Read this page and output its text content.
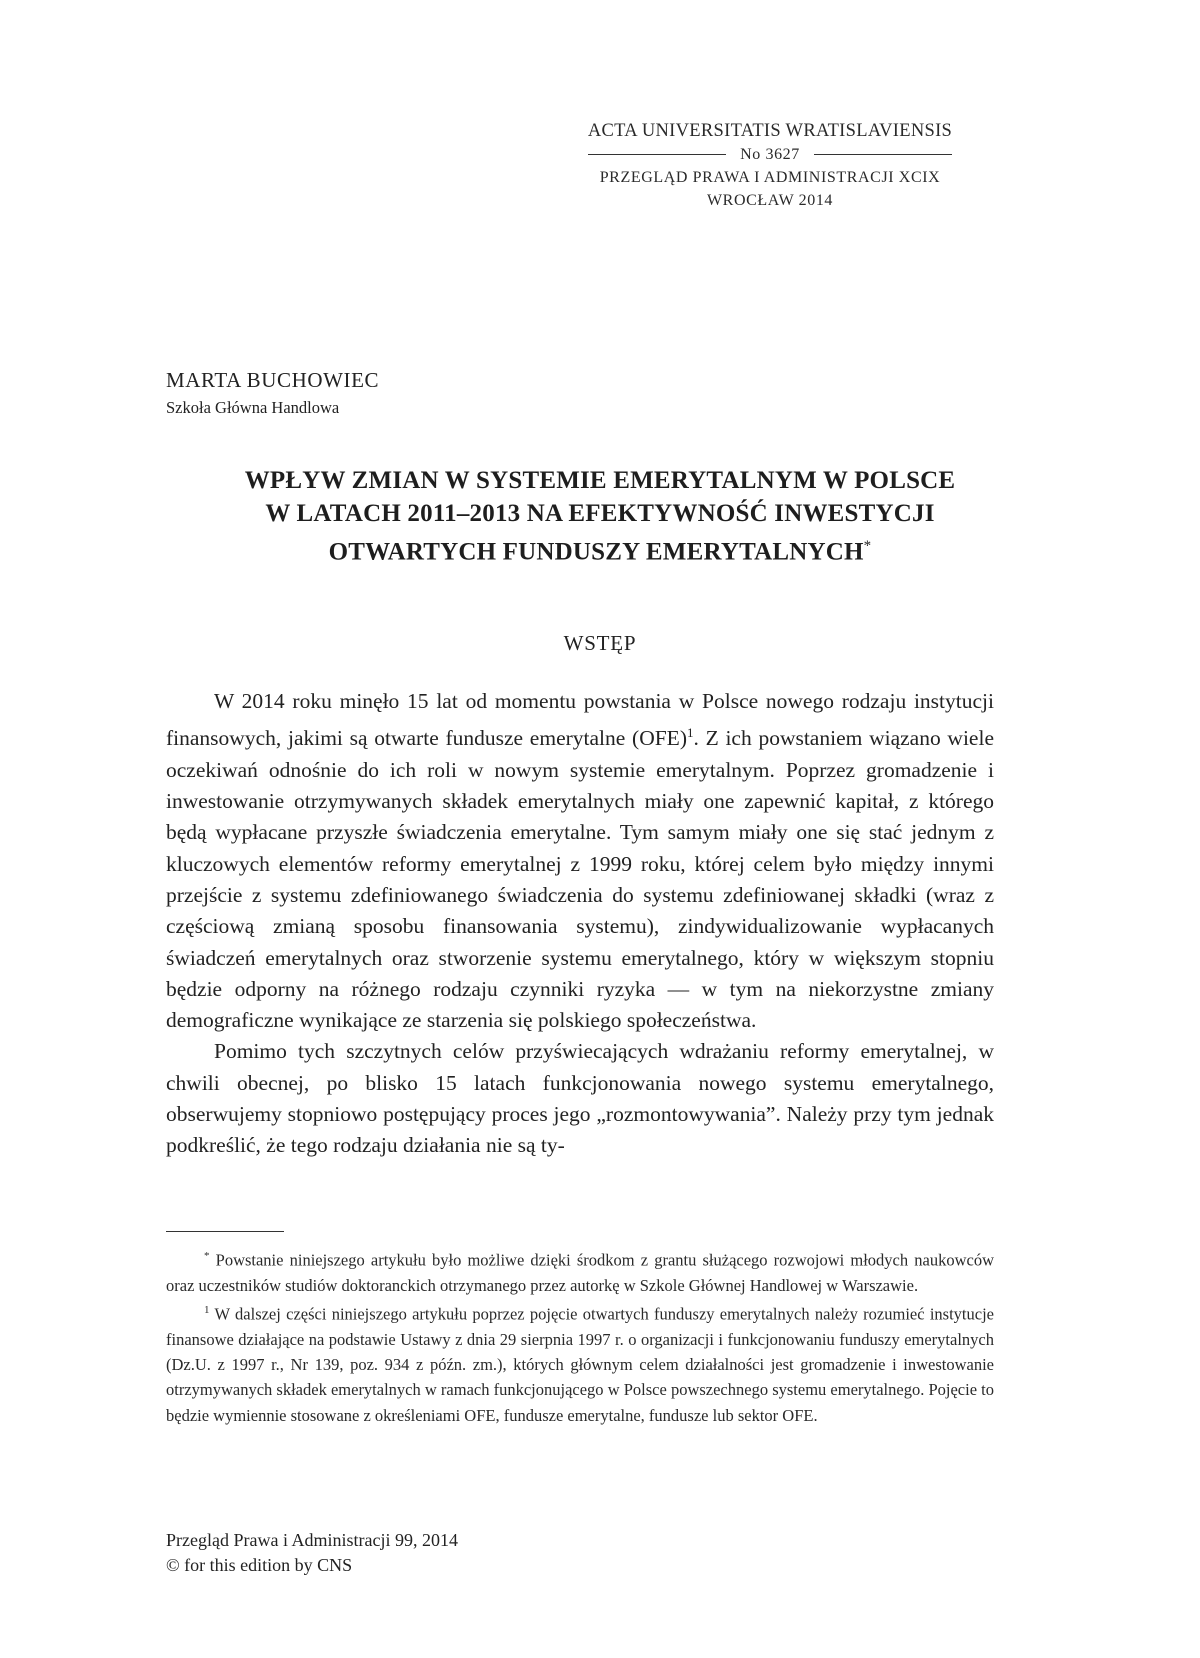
ACTA UNIVERSITATIS WRATISLAVIENSIS
No 3627
PRZEGLĄD PRAWA I ADMINISTRACJI XCIX
WROCŁAW 2014
MARTA BUCHOWIEC
Szkoła Główna Handlowa
WPŁYW ZMIAN W SYSTEMIE EMERYTALNYM W POLSCE
W LATACH 2011–2013 NA EFEKTYWNOŚĆ INWESTYCJI
OTWARTYCH FUNDUSZY EMERYTALNYCH*
WSTĘP

W 2014 roku minęło 15 lat od momentu powstania w Polsce nowego rodzaju instytucji finansowych, jakimi są otwarte fundusze emerytalne (OFE)$^1$. Z ich powstaniem wiązano wiele oczekiwań odnośnie do ich roli w nowym systemie emerytalnym. Poprzez gromadzenie i inwestowanie otrzymywanych składek emerytalnych miały one zapewnić kapitał, z którego będą wypłacane przyszłe świadczenia emerytalne. Tym samym miały one się stać jednym z kluczowych elementów reformy emerytalnej z 1999 roku, której celem było między innymi przejście z systemu zdefiniowanego świadczenia do systemu zdefiniowanej składki (wraz z częściową zmianą sposobu finansowania systemu), zindywidualizowanie wypłacanych świadczeń emerytalnych oraz stworzenie systemu emerytalnego, który w większym stopniu będzie odporny na różnego rodzaju czynniki ryzyka — w tym na niekorzystne zmiany demograficzne wynikające ze starzenia się polskiego społeczeństwa.

Pomimo tych szczytnych celów przyświecających wdrażaniu reformy emerytalnej, w chwili obecnej, po blisko 15 latach funkcjonowania nowego systemu emerytalnego, obserwujemy stopniowo postępujący proces jego „rozmontowywania”. Należy przy tym jednak podkreślić, że tego rodzaju działania nie są ty-

* Powstanie niniejszego artykułu było możliwe dzięki środkom z grantu służącego rozwojowi młodych naukowców oraz uczestników studiów doktoranckich otrzymanego przez autorkę w Szkole Głównej Handlowej w Warszawie.

$^1$ W dalszej części niniejszego artykułu poprzez pojęcie otwartych funduszy emerytalnych należy rozumieć instytucje finansowe działające na podstawie Ustawy z dnia 29 sierpnia 1997 r. o organizacji i funkcjonowaniu funduszy emerytalnych (Dz.U. z 1997 r., Nr 139, poz. 934 z późn. zm.), których głównym celem działalności jest gromadzenie i inwestowanie otrzymywanych składek emerytalnych w ramach funkcjonującego w Polsce powszechnego systemu emerytalnego. Pojęcie to będzie wymiennie stosowane z określeniami OFE, fundusze emerytalne, fundusze lub sektor OFE.

Przegląd Prawa i Administracji 99, 2014
© for this edition by CNS
